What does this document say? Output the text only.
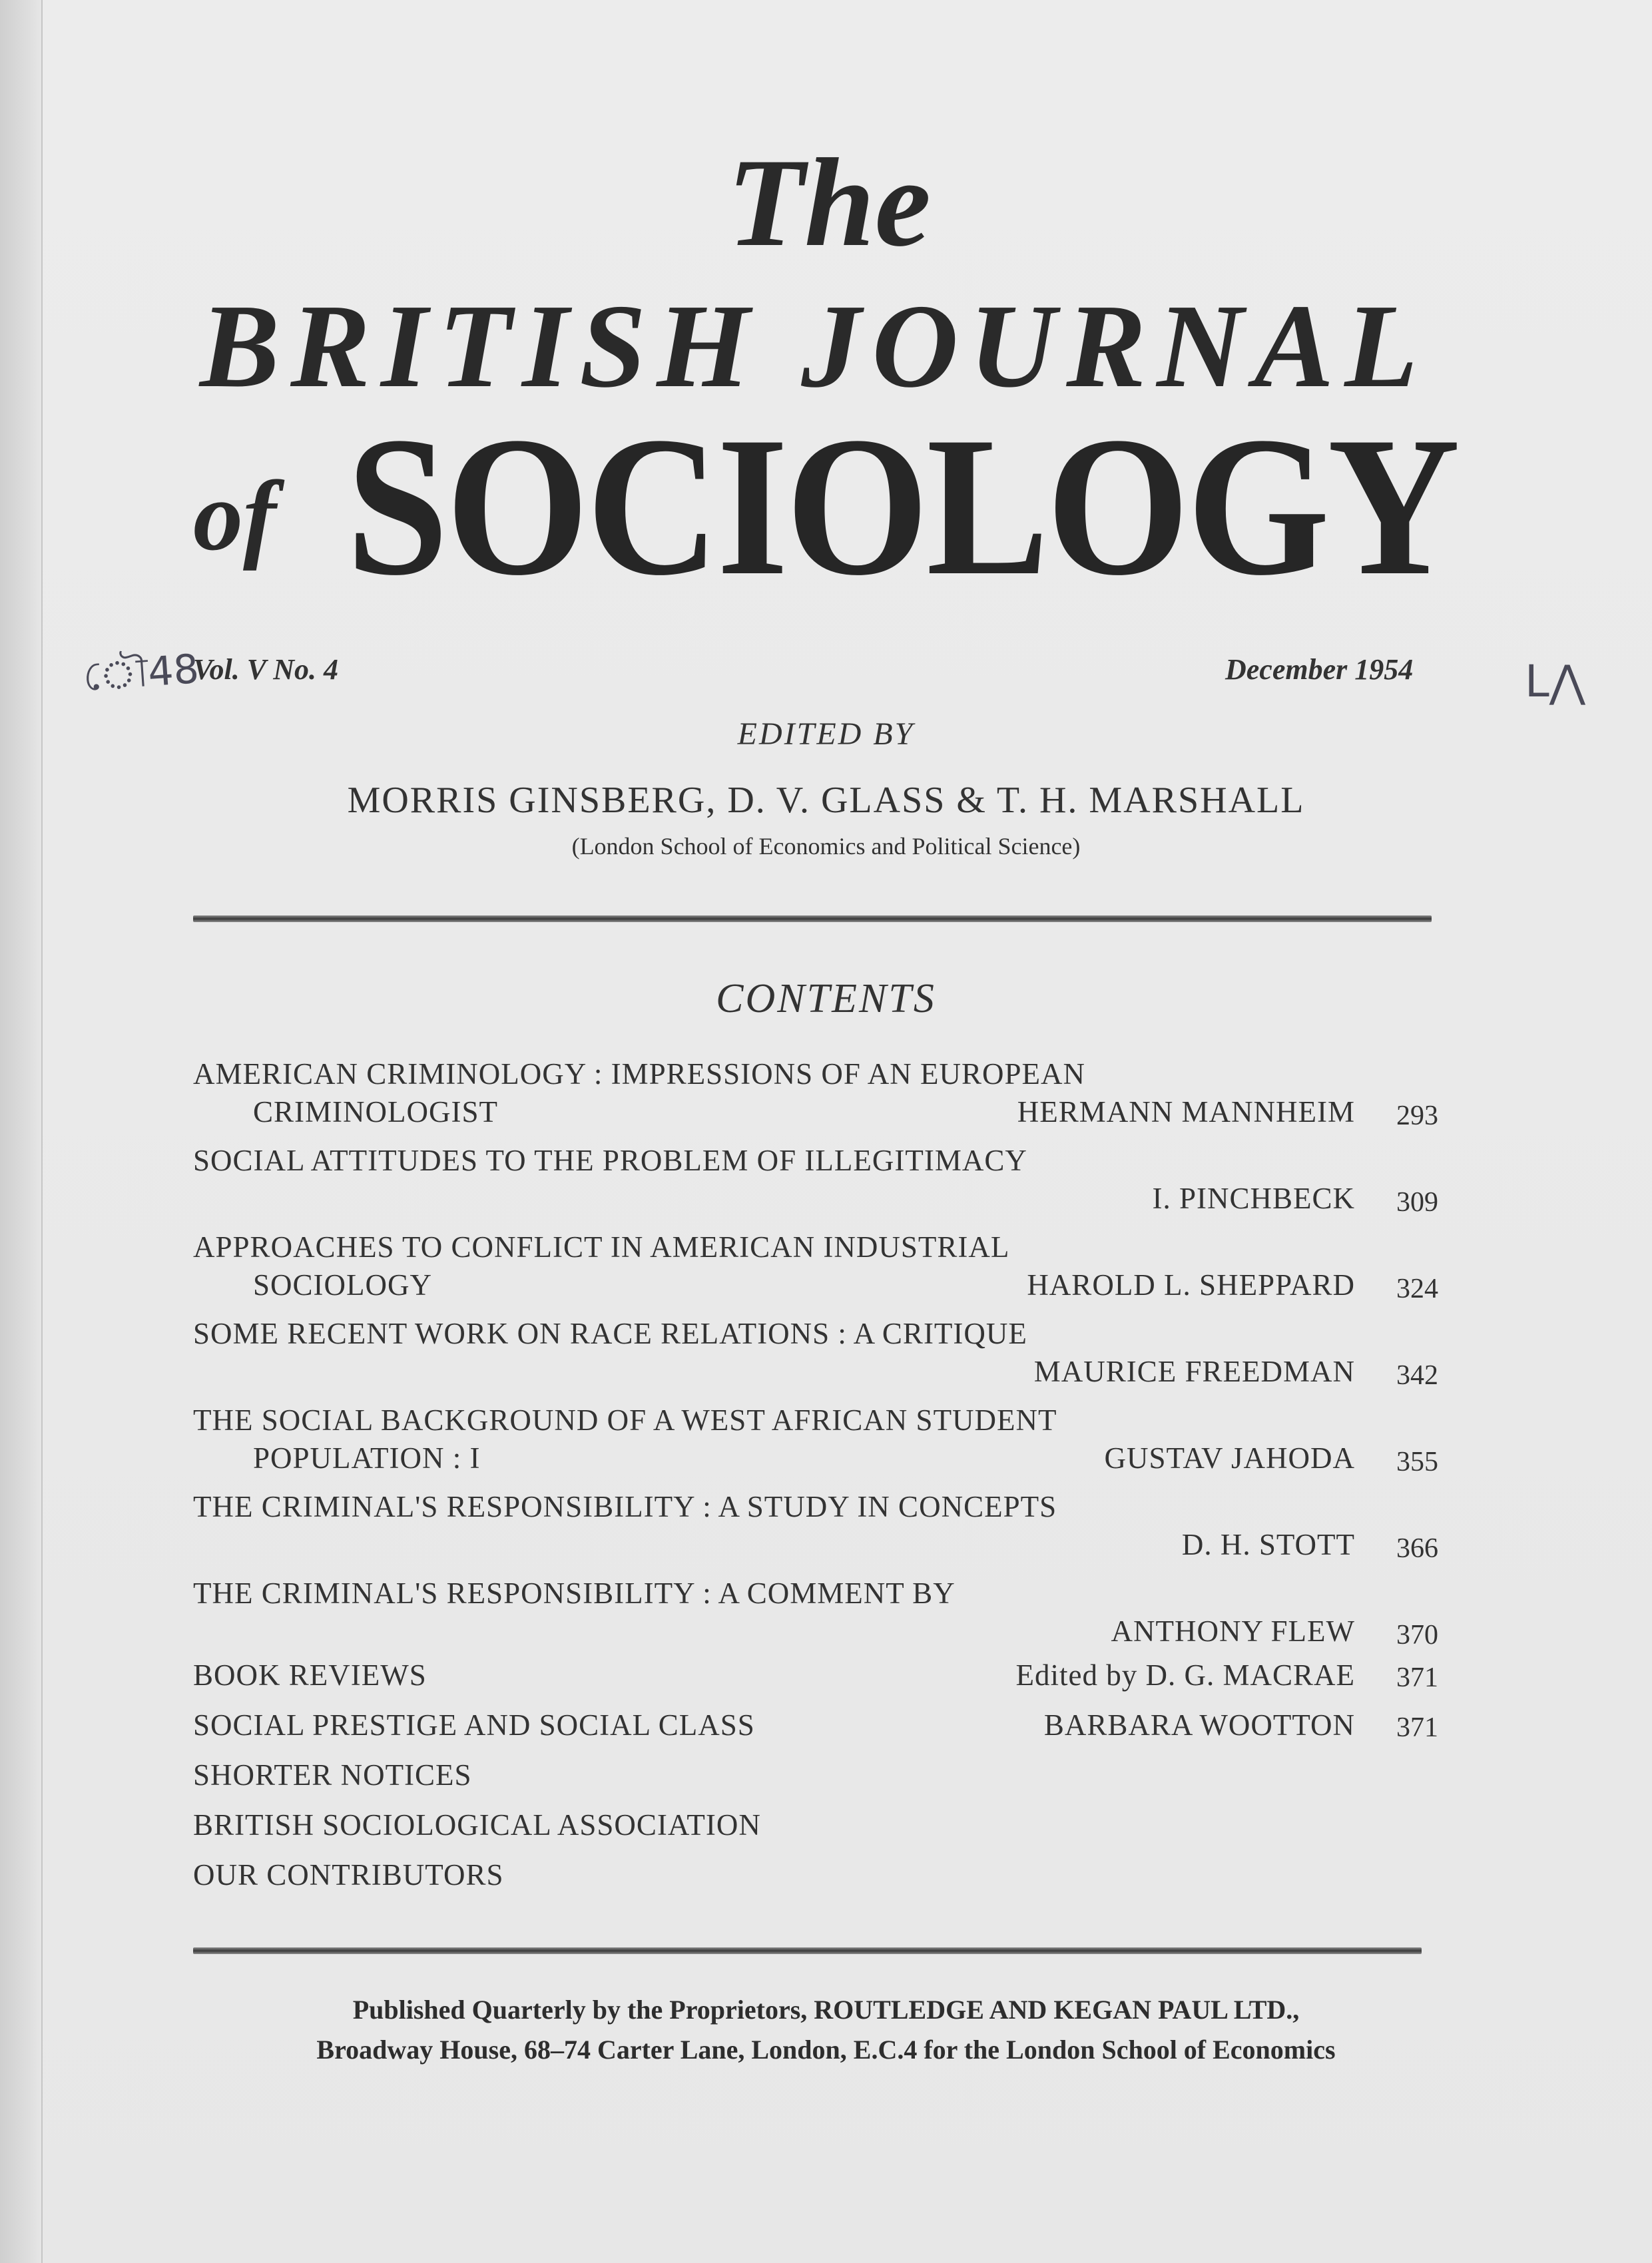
The
BRITISH JOURNAL
of SOCIOLOGY
ৌ48
Vol. V No. 4	December 1954	L⋀
EDITED BY
MORRIS GINSBERG, D. V. GLASS & T. H. MARSHALL
(London School of Economics and Political Science)
CONTENTS
AMERICAN CRIMINOLOGY : IMPRESSIONS OF AN EUROPEAN
CRIMINOLOGIST	HERMANN MANNHEIM	293
SOCIAL ATTITUDES TO THE PROBLEM OF ILLEGITIMACY
I. PINCHBECK	309
APPROACHES TO CONFLICT IN AMERICAN INDUSTRIAL
SOCIOLOGY	HAROLD L. SHEPPARD	324
SOME RECENT WORK ON RACE RELATIONS : A CRITIQUE
MAURICE FREEDMAN	342
THE SOCIAL BACKGROUND OF A WEST AFRICAN STUDENT
POPULATION : I	GUSTAV JAHODA	355
THE CRIMINAL'S RESPONSIBILITY : A STUDY IN CONCEPTS
D. H. STOTT	366
THE CRIMINAL'S RESPONSIBILITY : A COMMENT BY
ANTHONY FLEW	370
BOOK REVIEWS	Edited by D. G. MACRAE	371
SOCIAL PRESTIGE AND SOCIAL CLASS	BARBARA WOOTTON	371
SHORTER NOTICES
BRITISH SOCIOLOGICAL ASSOCIATION
OUR CONTRIBUTORS
Published Quarterly by the Proprietors, ROUTLEDGE AND KEGAN PAUL LTD.,
Broadway House, 68–74 Carter Lane, London, E.C.4 for the London School of Economics
